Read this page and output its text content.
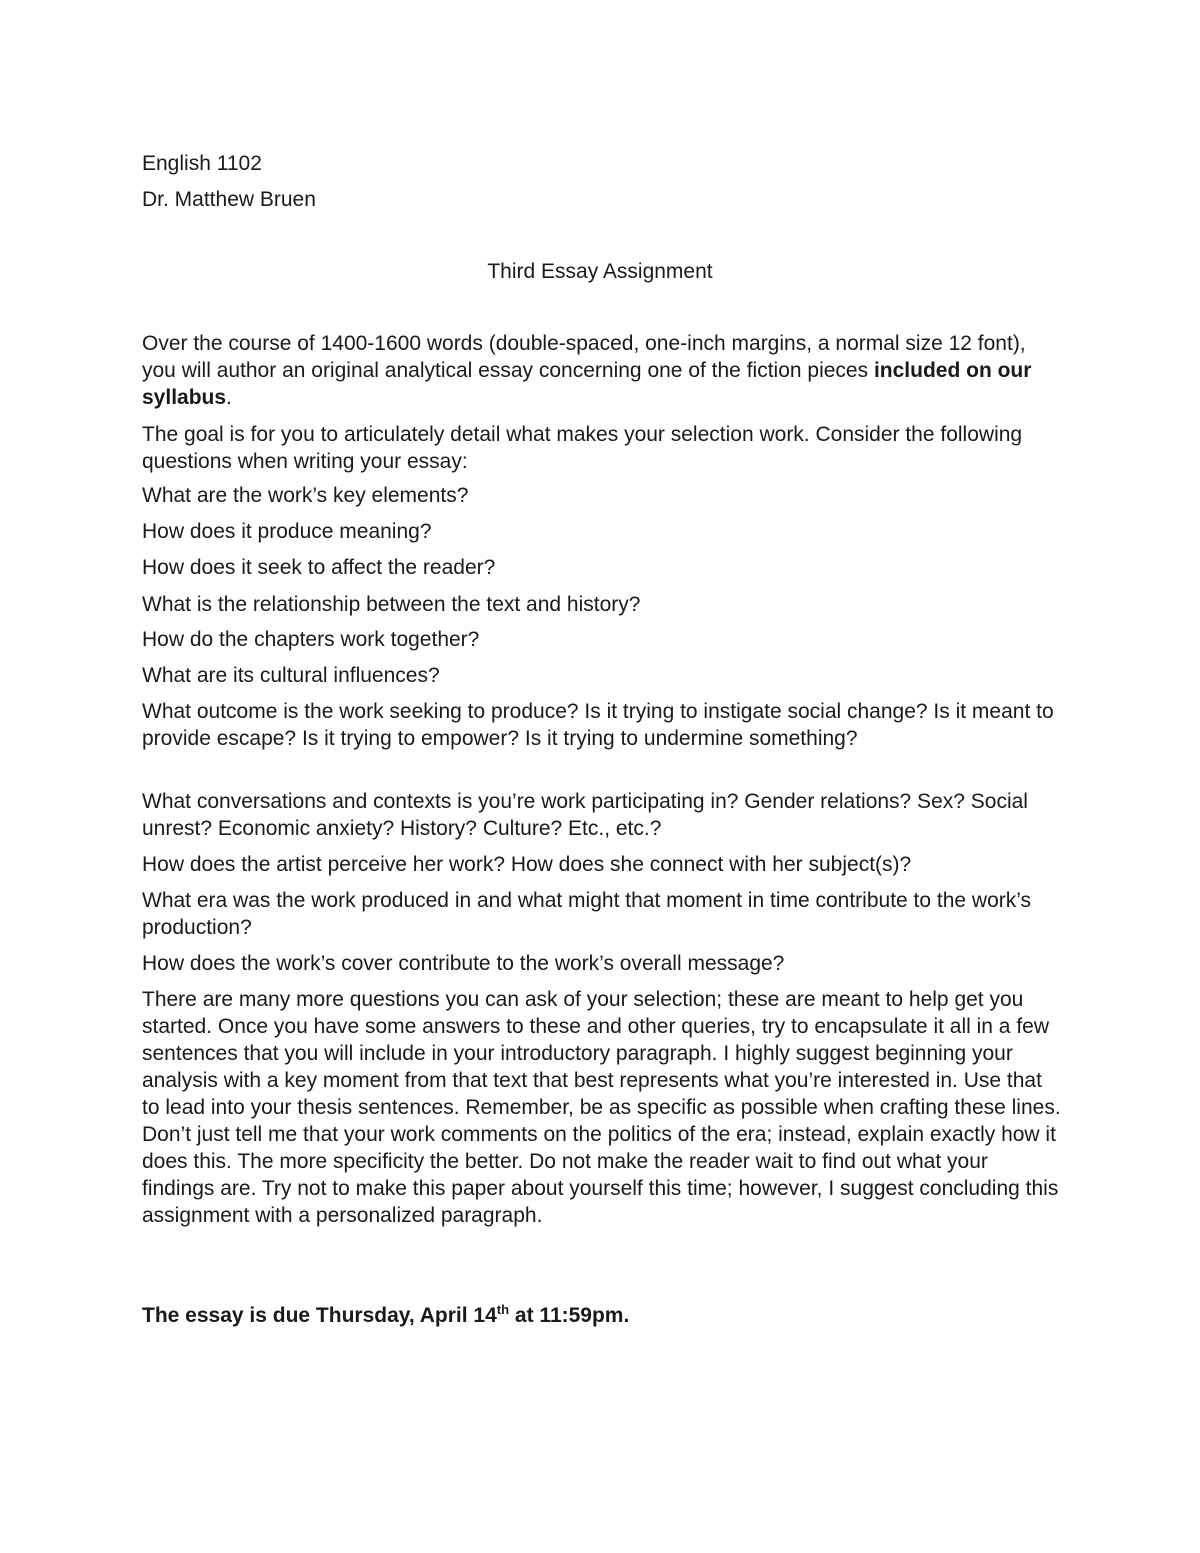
English 1102
Dr. Matthew Bruen
Third Essay Assignment

Over the course of 1400-1600 words (double-spaced, one-inch margins, a normal size 12 font), you will author an original analytical essay concerning one of the fiction pieces included on our syllabus.

The goal is for you to articulately detail what makes your selection work. Consider the following questions when writing your essay:

What are the work’s key elements?

How does it produce meaning?

How does it seek to affect the reader?

What is the relationship between the text and history?

How do the chapters work together?

What are its cultural influences?

What outcome is the work seeking to produce? Is it trying to instigate social change? Is it meant to provide escape? Is it trying to empower? Is it trying to undermine something?

What conversations and contexts is you’re work participating in? Gender relations? Sex? Social unrest? Economic anxiety? History? Culture? Etc., etc.?

How does the artist perceive her work? How does she connect with her subject(s)?

What era was the work produced in and what might that moment in time contribute to the work’s production?

How does the work’s cover contribute to the work’s overall message?

There are many more questions you can ask of your selection; these are meant to help get you started. Once you have some answers to these and other queries, try to encapsulate it all in a few sentences that you will include in your introductory paragraph. I highly suggest beginning your analysis with a key moment from that text that best represents what you’re interested in. Use that to lead into your thesis sentences. Remember, be as specific as possible when crafting these lines. Don’t just tell me that your work comments on the politics of the era; instead, explain exactly how it does this. The more specificity the better. Do not make the reader wait to find out what your findings are. Try not to make this paper about yourself this time; however, I suggest concluding this assignment with a personalized paragraph.

The essay is due Thursday, April 14th at 11:59pm.
